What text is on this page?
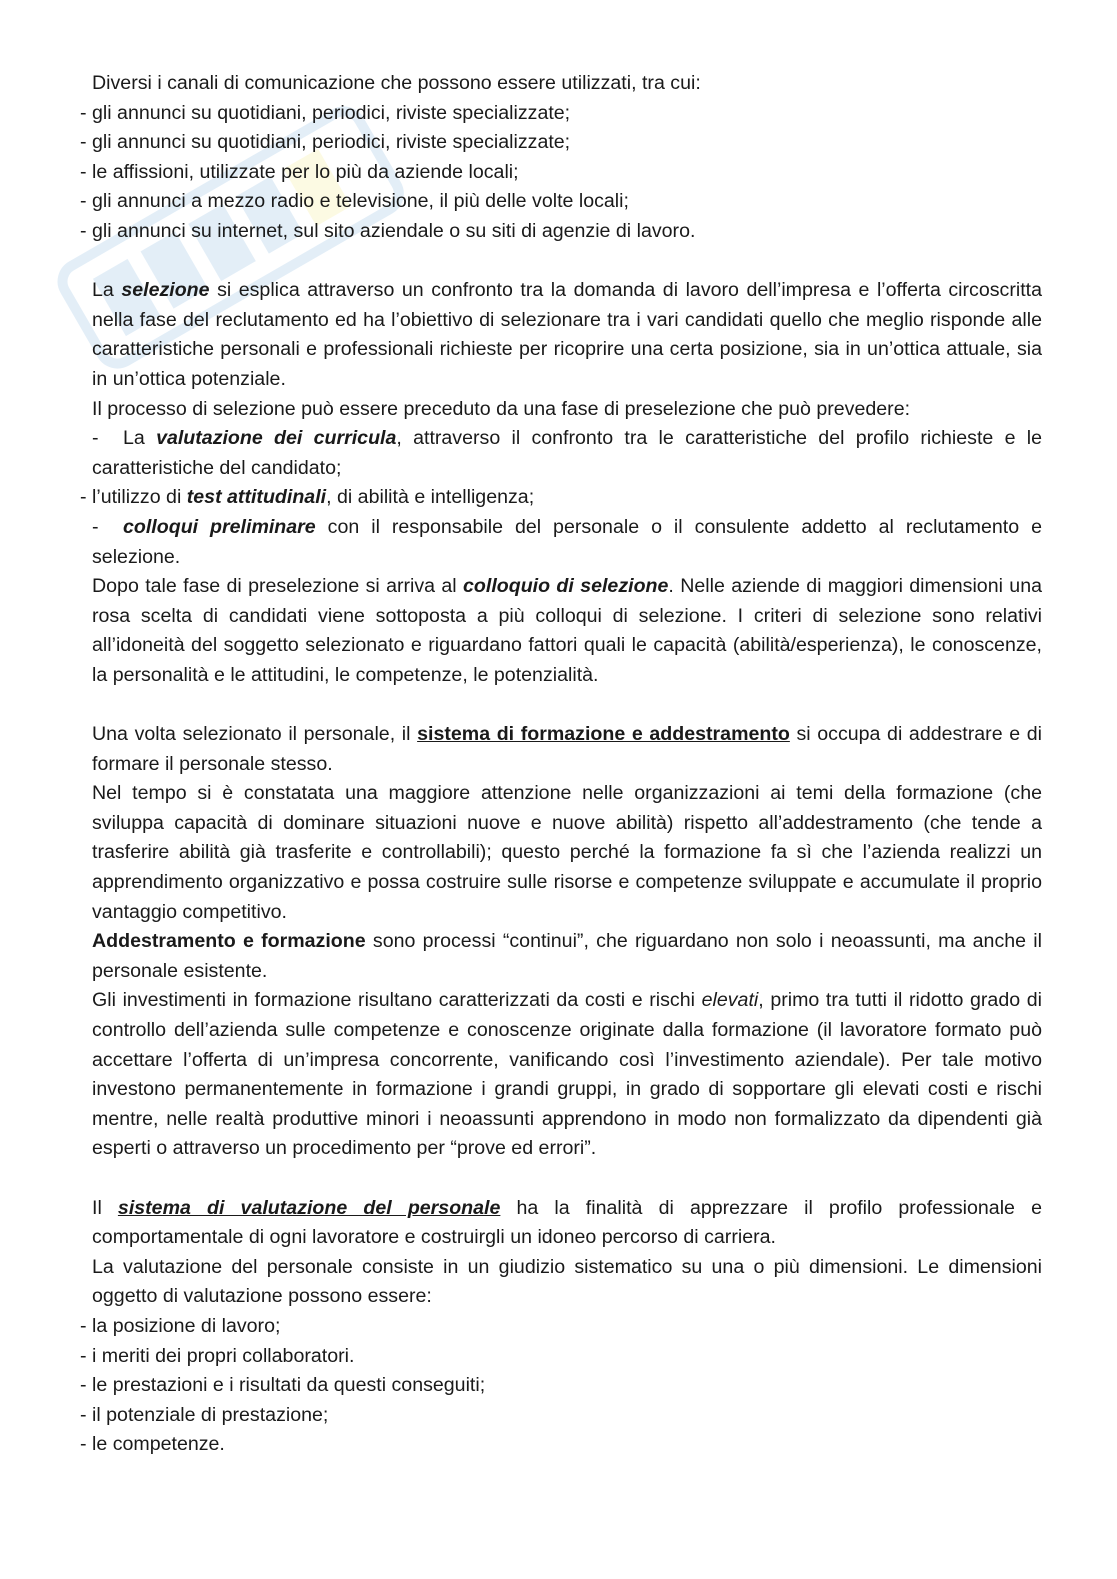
Diversi i canali di comunicazione che possono essere utilizzati, tra cui:

- gli annunci su quotidiani, periodici, riviste specializzate;

- gli annunci su quotidiani, periodici, riviste specializzate;

- le affissioni, utilizzate per lo più da aziende locali;

- gli annunci a mezzo radio e televisione, il più delle volte locali;

- gli annunci su internet, sul sito aziendale o su siti di agenzie di lavoro.

La selezione si esplica attraverso un confronto tra la domanda di lavoro dell’impresa e l’offerta circoscritta nella fase del reclutamento ed ha l’obiettivo di selezionare tra i vari candidati quello che meglio risponde alle caratteristiche personali e professionali richieste per ricoprire una certa posizione, sia in un’ottica attuale, sia in un’ottica potenziale.

Il processo di selezione può essere preceduto da una fase di preselezione che può prevedere:

- La valutazione dei curricula, attraverso il confronto tra le caratteristiche del profilo richieste e le caratteristiche del candidato;

- l’utilizzo di test attitudinali, di abilità e intelligenza;

- colloqui preliminare con il responsabile del personale o il consulente addetto al reclutamento e selezione.

Dopo tale fase di preselezione si arriva al colloquio di selezione. Nelle aziende di maggiori dimensioni una rosa scelta di candidati viene sottoposta a più colloqui di selezione. I criteri di selezione sono relativi all’idoneità del soggetto selezionato e riguardano fattori quali le capacità (abilità/esperienza), le conoscenze, la personalità e le attitudini, le competenze, le potenzialità.

Una volta selezionato il personale, il sistema di formazione e addestramento si occupa di addestrare e di formare il personale stesso.

Nel tempo si è constatata una maggiore attenzione nelle organizzazioni ai temi della formazione (che sviluppa capacità di dominare situazioni nuove e nuove abilità) rispetto all’addestramento (che tende a trasferire abilità già trasferite e controllabili); questo perché la formazione fa sì che l’azienda realizzi un apprendimento organizzativo e possa costruire sulle risorse e competenze sviluppate e accumulate il proprio vantaggio competitivo.

Addestramento e formazione sono processi “continui”, che riguardano non solo i neoassunti, ma anche il personale esistente.

Gli investimenti in formazione risultano caratterizzati da costi e rischi elevati, primo tra tutti il ridotto grado di controllo dell’azienda sulle competenze e conoscenze originate dalla formazione (il lavoratore formato può accettare l’offerta di un’impresa concorrente, vanificando così l’investimento aziendale). Per tale motivo investono permanentemente in formazione i grandi gruppi, in grado di sopportare gli elevati costi e rischi mentre, nelle realtà produttive minori i neoassunti apprendono in modo non formalizzato da dipendenti già esperti o attraverso un procedimento per “prove ed errori”.

Il sistema di valutazione del personale ha la finalità di apprezzare il profilo professionale e comportamentale di ogni lavoratore e costruirgli un idoneo percorso di carriera.

La valutazione del personale consiste in un giudizio sistematico su una o più dimensioni. Le dimensioni oggetto di valutazione possono essere:

- la posizione di lavoro;

- i meriti dei propri collaboratori.

- le prestazioni e i risultati da questi conseguiti;

- il potenziale di prestazione;

- le competenze.
